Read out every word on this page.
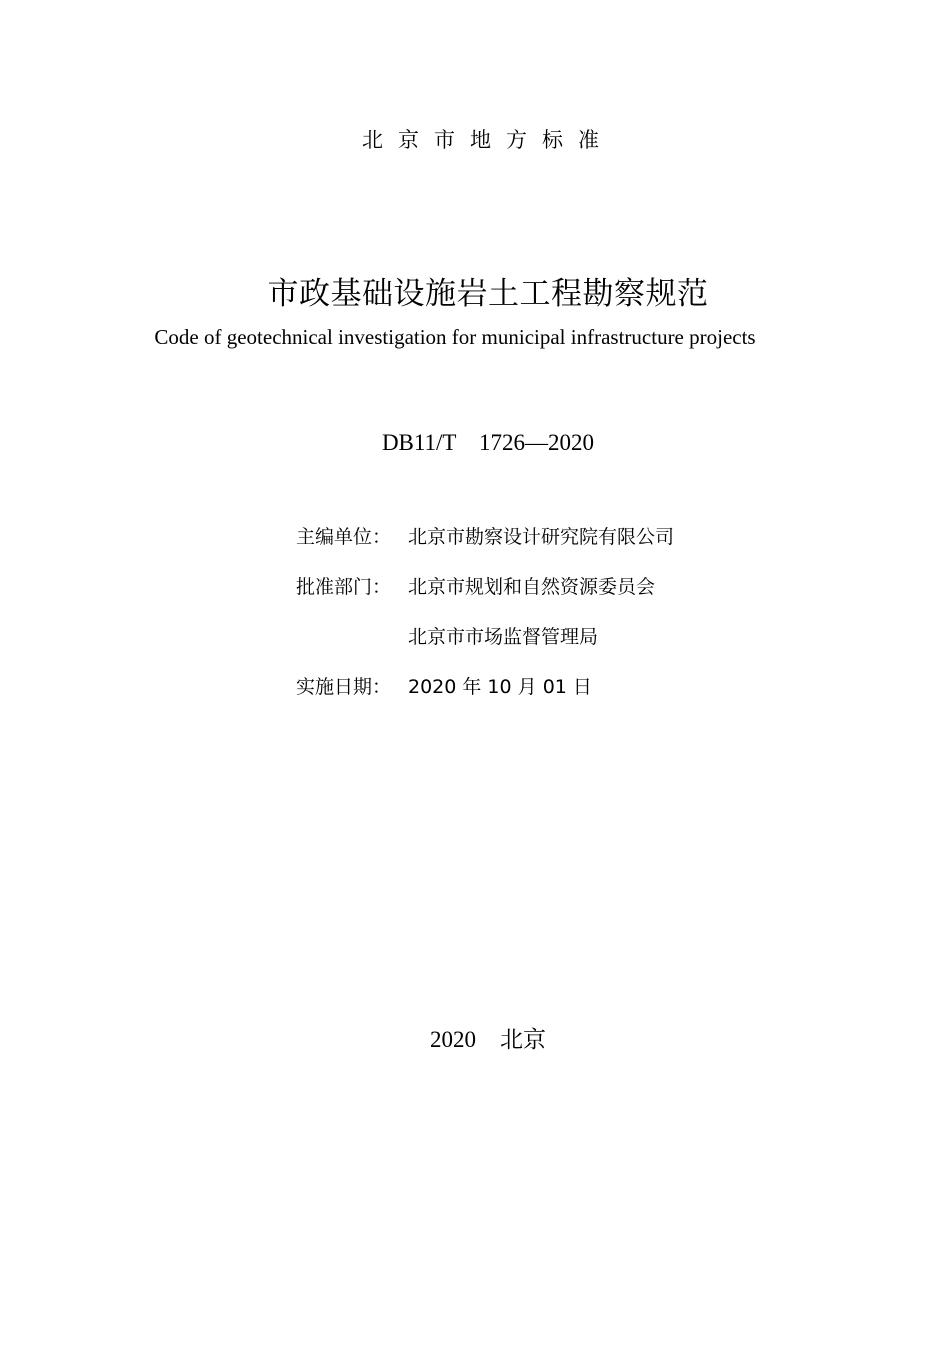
北京市地方标准
市政基础设施岩土工程勘察规范
Code of geotechnical investigation for municipal infrastructure projects
DB11/T　1726—2020
主编单位： 北京市勘察设计研究院有限公司
批准部门： 北京市规划和自然资源委员会
北京市市场监督管理局
实施日期： 2020 年 10 月 01 日
2020 北京
